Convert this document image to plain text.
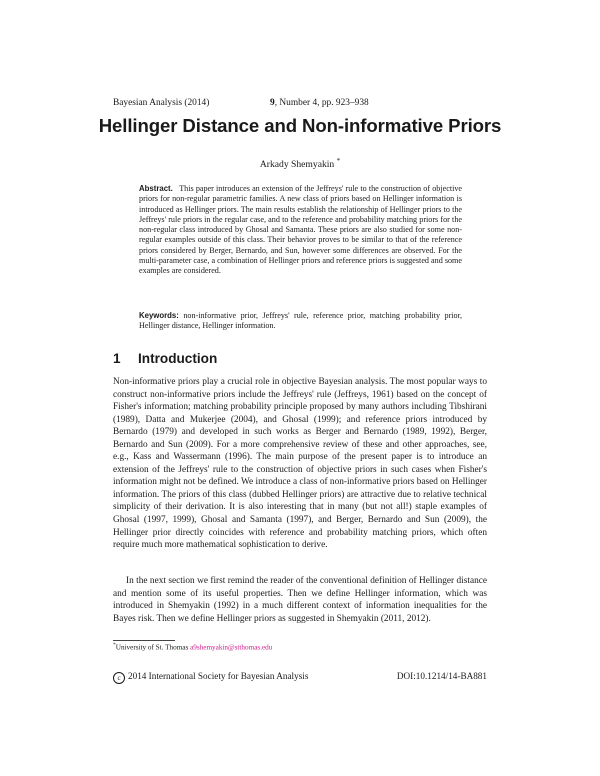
Bayesian Analysis (2014)	9, Number 4, pp. 923–938
Hellinger Distance and Non-informative Priors
Arkady Shemyakin *
Abstract. This paper introduces an extension of the Jeffreys' rule to the construction of objective priors for non-regular parametric families. A new class of priors based on Hellinger information is introduced as Hellinger priors. The main results establish the relationship of Hellinger priors to the Jeffreys' rule priors in the regular case, and to the reference and probability matching priors for the non-regular class introduced by Ghosal and Samanta. These priors are also studied for some non-regular examples outside of this class. Their behavior proves to be similar to that of the reference priors considered by Berger, Bernardo, and Sun, however some differences are observed. For the multi-parameter case, a combination of Hellinger priors and reference priors is suggested and some examples are considered.
Keywords: non-informative prior, Jeffreys' rule, reference prior, matching probability prior, Hellinger distance, Hellinger information.
1 Introduction
Non-informative priors play a crucial role in objective Bayesian analysis. The most popular ways to construct non-informative priors include the Jeffreys' rule (Jeffreys, 1961) based on the concept of Fisher's information; matching probability principle proposed by many authors including Tibshirani (1989), Datta and Mukerjee (2004), and Ghosal (1999); and reference priors introduced by Bernardo (1979) and developed in such works as Berger and Bernardo (1989, 1992), Berger, Bernardo and Sun (2009). For a more comprehensive review of these and other approaches, see, e.g., Kass and Wassermann (1996). The main purpose of the present paper is to introduce an extension of the Jeffreys' rule to the construction of objective priors in such cases when Fisher's information might not be defined. We introduce a class of non-informative priors based on Hellinger information. The priors of this class (dubbed Hellinger priors) are attractive due to relative technical simplicity of their derivation. It is also interesting that in many (but not all!) staple examples of Ghosal (1997, 1999), Ghosal and Samanta (1997), and Berger, Bernardo and Sun (2009), the Hellinger prior directly coincides with reference and probability matching priors, which often require much more mathematical sophistication to derive.
In the next section we first remind the reader of the conventional definition of Hellinger distance and mention some of its useful properties. Then we define Hellinger information, which was introduced in Shemyakin (1992) in a much different context of information inequalities for the Bayes risk. Then we define Hellinger priors as suggested in Shemyakin (2011, 2012).
*University of St. Thomas a9shemyakin@stthomas.edu
c 2014 International Society for Bayesian Analysis	DOI:10.1214/14-BA881
